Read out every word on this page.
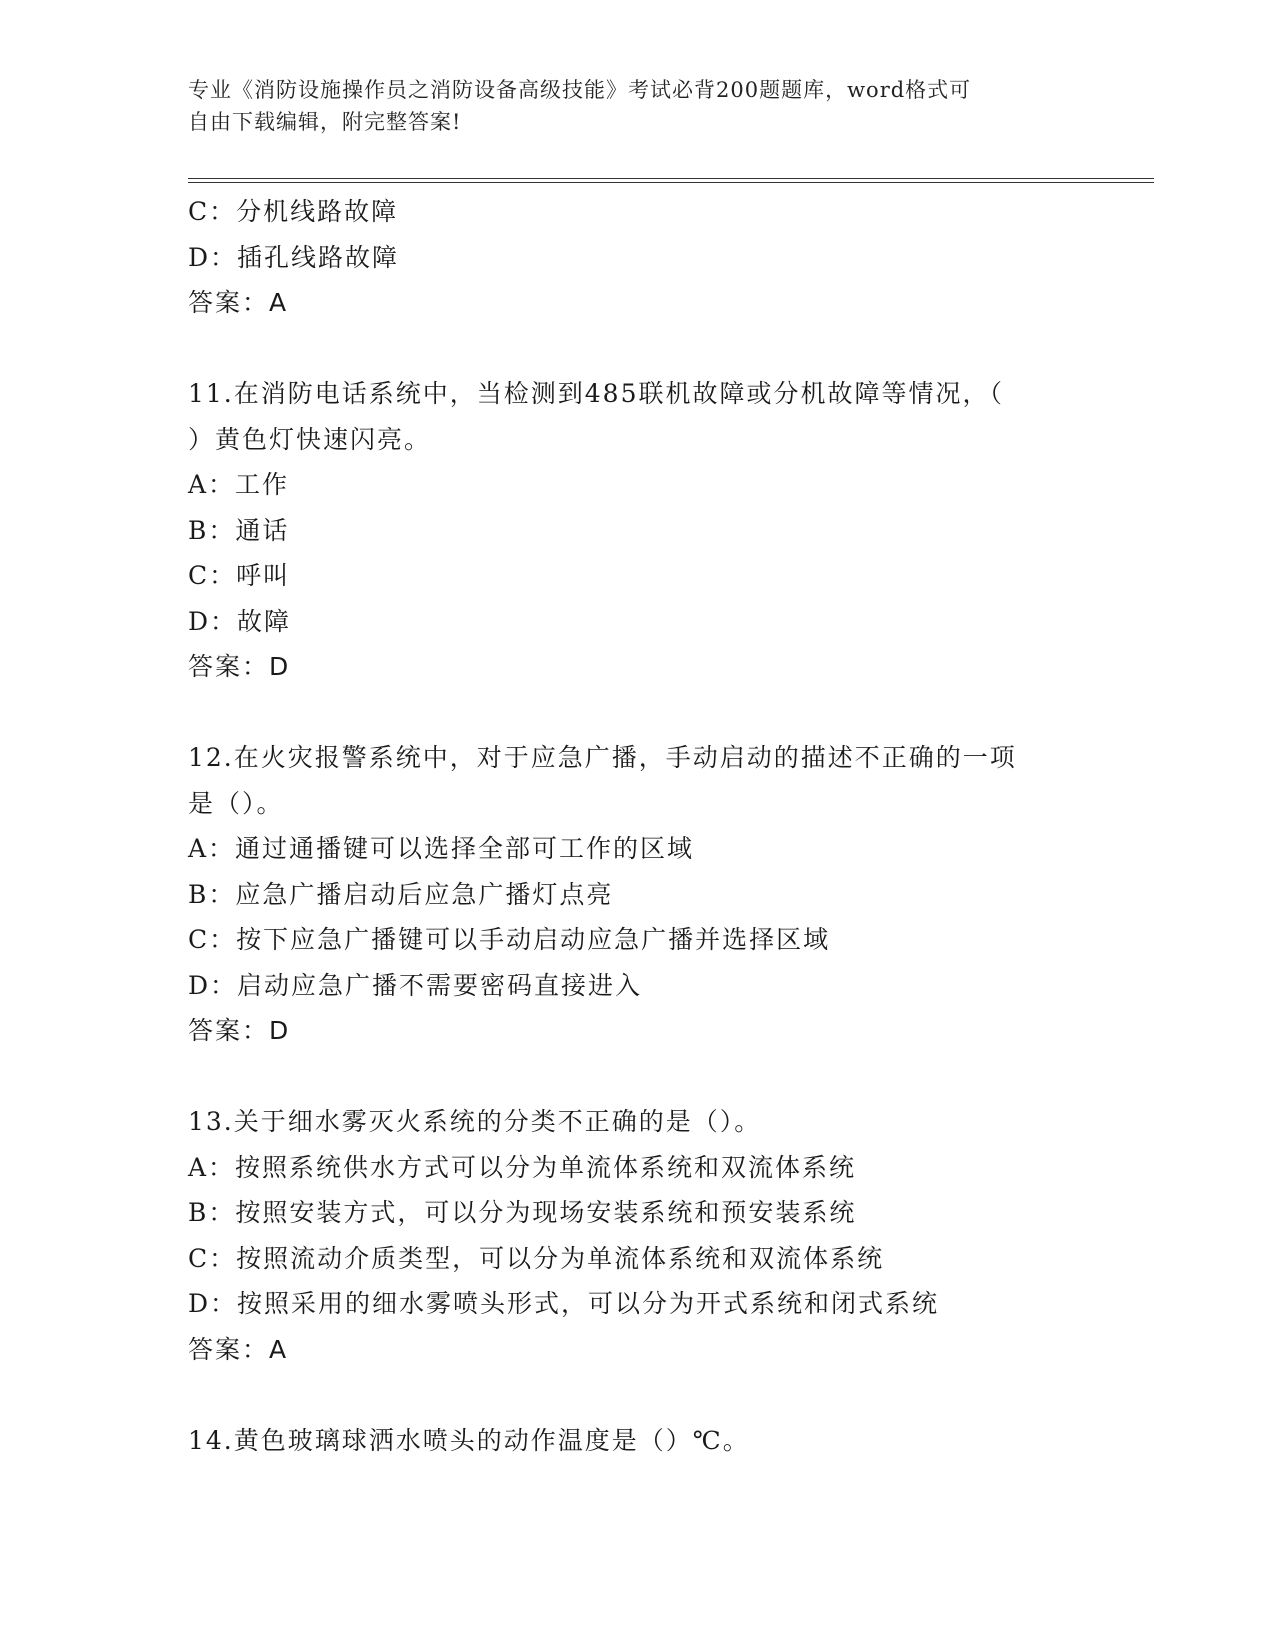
专业《消防设施操作员之消防设备高级技能》考试必背200题题库，word格式可
自由下载编辑，附完整答案!
C：分机线路故障
D：插孔线路故障
答案：A
11.在消防电话系统中，当检测到485联机故障或分机故障等情况，（
）黄色灯快速闪亮。
A：工作
B：通话
C：呼叫
D：故障
答案：D
12.在火灾报警系统中，对于应急广播，手动启动的描述不正确的一项
是（）。
A：通过通播键可以选择全部可工作的区域
B：应急广播启动后应急广播灯点亮
C：按下应急广播键可以手动启动应急广播并选择区域
D：启动应急广播不需要密码直接进入
答案：D
13.关于细水雾灭火系统的分类不正确的是（）。
A：按照系统供水方式可以分为单流体系统和双流体系统
B：按照安装方式，可以分为现场安装系统和预安装系统
C：按照流动介质类型，可以分为单流体系统和双流体系统
D：按照采用的细水雾喷头形式，可以分为开式系统和闭式系统
答案：A
14.黄色玻璃球洒水喷头的动作温度是（）℃。
